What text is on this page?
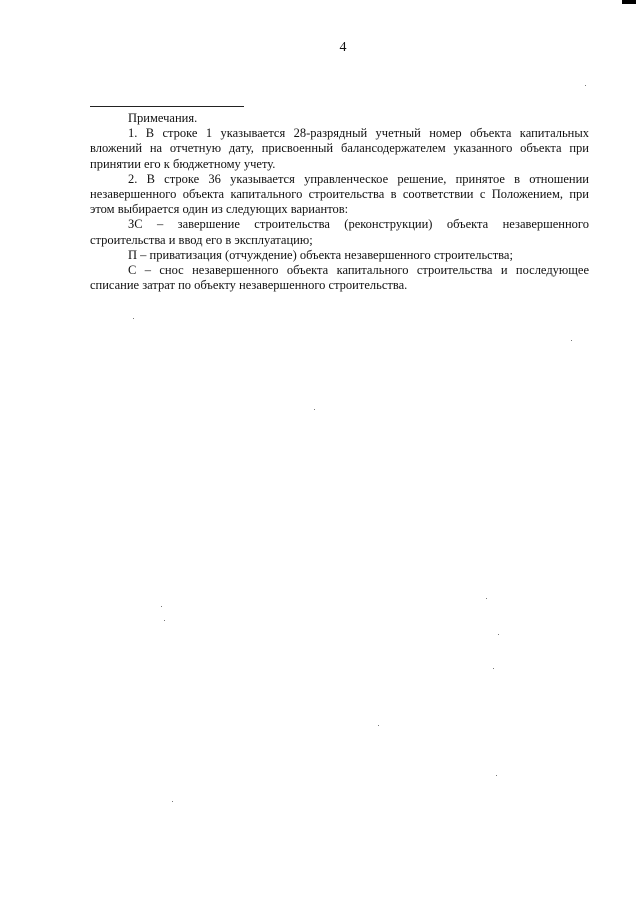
4

Примечания.

1. В строке 1 указывается 28-разрядный учетный номер объекта капитальных вложений на отчетную дату, присвоенный балансодержателем указанного объекта при принятии его к бюджетному учету.

2. В строке 36 указывается управленческое решение, принятое в отношении незавершенного объекта капитального строительства в соответствии с Положением, при этом выбирается один из следующих вариантов:

ЗС – завершение строительства (реконструкции) объекта незавершенного строительства и ввод его в эксплуатацию;

П – приватизация (отчуждение) объекта незавершенного строительства;

С – снос незавершенного объекта капитального строительства и последующее списание затрат по объекту незавершенного строительства.
